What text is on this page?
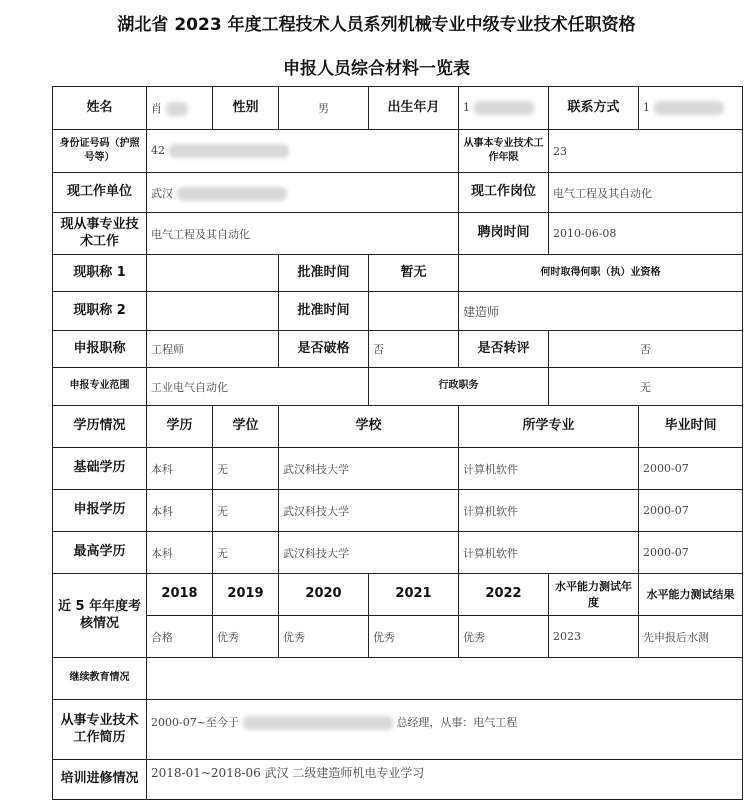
湖北省 2023 年度工程技术人员系列机械专业中级专业技术任职资格
申报人员综合材料一览表
姓名	肖	性别	男	出生年月	1	联系方式	1
身份证号码（护照号等）	42				从事本专业技术工作年限	23	
现工作单位	武汉				现工作岗位	电气工程及其自动化	
现从事专业技术工作	电气工程及其自动化				聘岗时间	2010-06-08	
现职称 1			批准时间	暂无	何时取得何职（执）业资格		
现职称 2			批准时间		建造师		
申报职称	工程师		是否破格	否	是否转评	否	
申报专业范围	工业电气自动化			行政职务		无	
学历情况	学历	学位	学校		所学专业		毕业时间
基础学历	本科	无	武汉科技大学		计算机软件		2000-07
申报学历	本科	无	武汉科技大学		计算机软件		2000-07
最高学历	本科	无	武汉科技大学		计算机软件		2000-07
近 5 年年度考核情况	2018	2019	2020	2021	2022	水平能力测试年度	水平能力测试结果
	合格	优秀	优秀	优秀	优秀	2023	先申报后水测
继续教育情况							
从事专业技术工作简历	2000-07~至今于 总经理，从事：电气工程						
培训进修情况	2018-01~2018-06 武汉 二级建造师机电专业学习						
